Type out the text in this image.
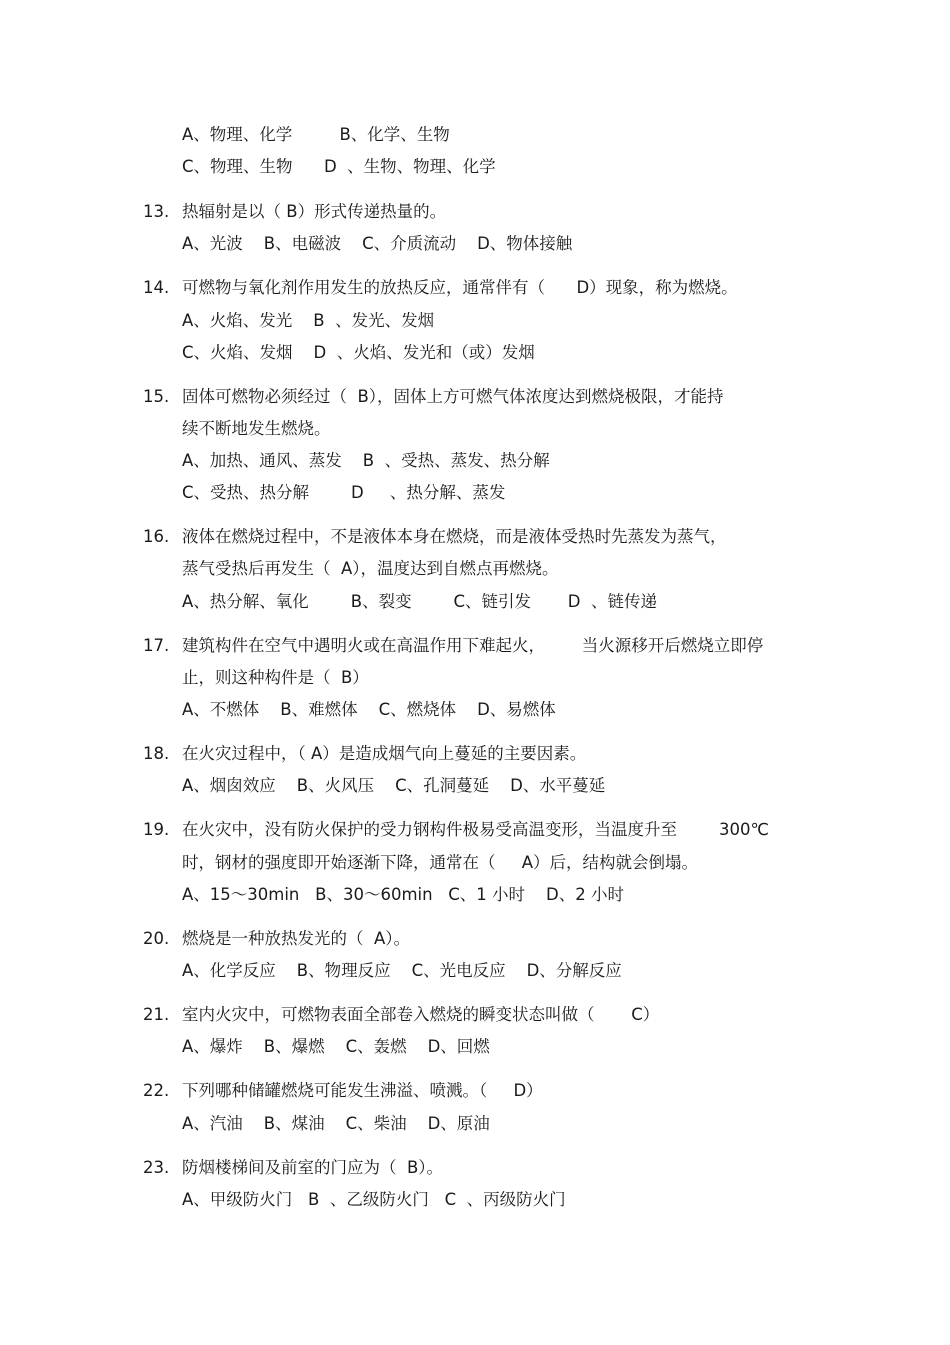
A、物理、化学         B、化学、生物
C、物理、生物      D  、生物、物理、化学
13. 热辐射是以（ B）形式传递热量的。
A、光波    B、电磁波    C、介质流动    D、物体接触
14. 可燃物与氧化剂作用发生的放热反应，通常伴有（      D）现象，称为燃烧。
A、火焰、发光    B  、发光、发烟
C、火焰、发烟    D  、火焰、发光和（或）发烟
15. 固体可燃物必须经过（  B），固体上方可燃气体浓度达到燃烧极限，才能持
续不断地发生燃烧。
A、加热、通风、蒸发    B  、受热、蒸发、热分解
C、受热、热分解        D     、热分解、蒸发
16. 液体在燃烧过程中，不是液体本身在燃烧，而是液体受热时先蒸发为蒸气，
蒸气受热后再发生（  A），温度达到自燃点再燃烧。
A、热分解、氧化        B、裂变        C、链引发       D  、链传递
17. 建筑构件在空气中遇明火或在高温作用下难起火，       当火源移开后燃烧立即停
止，则这种构件是（  B）
A、不燃体    B、难燃体    C、燃烧体    D、易燃体
18. 在火灾过程中，（ A）是造成烟气向上蔓延的主要因素。
A、烟囱效应    B、火风压    C、孔洞蔓延    D、水平蔓延
19. 在火灾中，没有防火保护的受力钢构件极易受高温变形，当温度升至        300℃
时，钢材的强度即开始逐渐下降，通常在（     A）后，结构就会倒塌。
A、15～30min   B、30～60min   C、1 小时    D、2 小时
20. 燃烧是一种放热发光的（  A）。
A、化学反应    B、物理反应    C、光电反应    D、分解反应
21. 室内火灾中，可燃物表面全部卷入燃烧的瞬变状态叫做（       C）
A、爆炸    B、爆燃    C、轰燃    D、回燃
22. 下列哪种储罐燃烧可能发生沸溢、喷溅。（     D）
A、汽油    B、煤油    C、柴油    D、原油
23. 防烟楼梯间及前室的门应为（  B）。
A、甲级防火门   B  、乙级防火门   C  、丙级防火门
